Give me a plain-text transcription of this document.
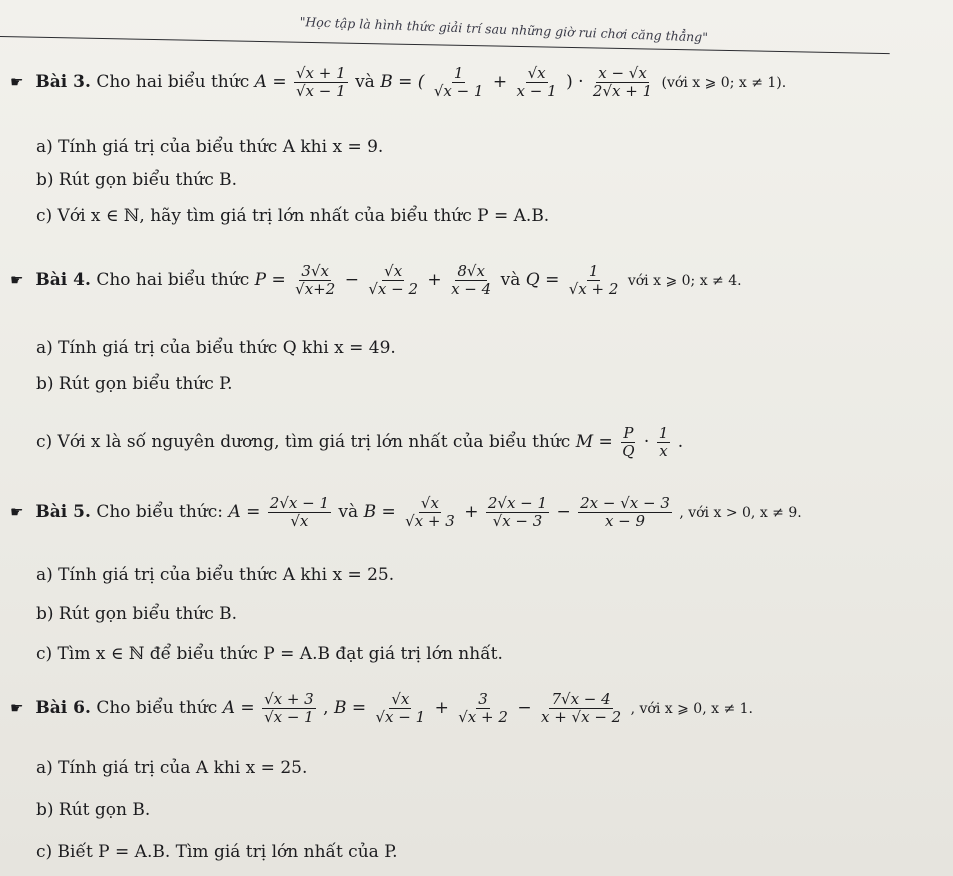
"Học tập là hình thức giải trí sau những giờ rui chơi căng thẳng"
☛ Bài 3. Cho hai biểu thức $A = \frac{√x + 1}{√x - 1}$ và B = ( $\frac{1}{√x - 1} + \frac{√x}{x - 1}$ ) · $\frac{x - √x}{2√x + 1}$ (với x ⩾ 0; x ≠ 1).
a) Tính giá trị của biểu thức A khi x = 9.
b) Rút gọn biểu thức B.
c) Với x ∈ ℕ, hãy tìm giá trị lớn nhất của biểu thức P = A.B.
☛ Bài 4. Cho hai biểu thức $P = \frac{3√x}{√x+2} - \frac{√x}{√x - 2} + \frac{8√x}{x - 4}$ và $Q = \frac{1}{√x + 2}$ với x ⩾ 0; x ≠ 4.
a) Tính giá trị của biểu thức Q khi x = 49.
b) Rút gọn biểu thức P.
c) Với x là số nguyên dương, tìm giá trị lớn nhất của biểu thức $M = \frac{P}{Q} \cdot \frac{1}{x}$ .
☛ Bài 5. Cho biểu thức: $A = \frac{2√x - 1}{√x}$ và $B = \frac{√x}{√x + 3} + \frac{2√x - 1}{√x - 3} - \frac{2x - √x - 3}{x - 9}$ , với x > 0, x ≠ 9.
a) Tính giá trị của biểu thức A khi x = 25.
b) Rút gọn biểu thức B.
c) Tìm x ∈ ℕ để biểu thức P = A.B đạt giá trị lớn nhất.
☛ Bài 6. Cho biểu thức $A = \frac{√x + 3}{√x - 1}$ , $B = \frac{√x}{√x - 1} + \frac{3}{√x + 2} - \frac{7√x - 4}{x + √x - 2}$ , với x ⩾ 0, x ≠ 1.
a) Tính giá trị của A khi x = 25.
b) Rút gọn B.
c) Biết P = A.B. Tìm giá trị lớn nhất của P.
